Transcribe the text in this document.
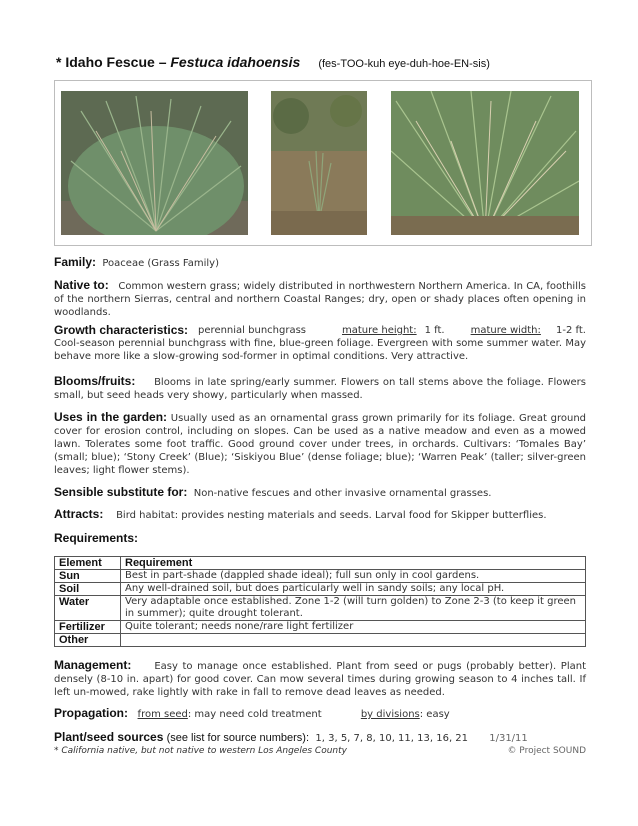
* Idaho Fescue – Festuca idahoensis (fes-TOO-kuh eye-duh-hoe-EN-sis)
Family: Poaceae (Grass Family)
Native to: Common western grass; widely distributed in northwestern Northern America. In CA, foothills of the northern Sierras, central and northern Coastal Ranges; dry, open or shady places often opening in woodlands.
Growth characteristics: perennial bunchgrass	mature height: 1 ft.	mature width: 1-2 ft.
Cool-season perennial bunchgrass with fine, blue-green foliage. Evergreen with some summer water. May behave more like a slow-growing sod-former in optimal conditions. Very attractive.
Blooms/fruits: Blooms in late spring/early summer. Flowers on tall stems above the foliage. Flowers small, but seed heads very showy, particularly when massed.
Uses in the garden: Usually used as an ornamental grass grown primarily for its foliage. Great ground cover for erosion control, including on slopes. Can be used as a native meadow and even as a mowed lawn. Tolerates some foot traffic. Good ground cover under trees, in orchards. Cultivars: ‘Tomales Bay’ (small; blue); ‘Stony Creek’ (Blue); ‘Siskiyou Blue’ (dense foliage; blue); ‘Warren Peak’ (taller; silver-green leaves; light flower stems).
Sensible substitute for: Non-native fescues and other invasive ornamental grasses.
Attracts: Bird habitat: provides nesting materials and seeds. Larval food for Skipper butterflies.
Requirements:
Element	Requirement
Sun	Best in part-shade (dappled shade ideal); full sun only in cool gardens.
Soil	Any well-drained soil, but does particularly well in sandy soils; any local pH.
Water	Very adaptable once established. Zone 1-2 (will turn golden) to Zone 2-3 (to keep it green in summer); quite drought tolerant.
Fertilizer	Quite tolerant; needs none/rare light fertilizer
Other	
Management: Easy to manage once established. Plant from seed or pugs (probably better). Plant densely (8-10 in. apart) for good cover. Can mow several times during growing season to 4 inches tall. If left un-mowed, rake lightly with rake in fall to remove dead leaves as needed.
Propagation: from seed: may need cold treatment	by divisions: easy
Plant/seed sources (see list for source numbers): 1, 3, 5, 7, 8, 10, 11, 13, 16, 21 1/31/11
* California native, but not native to western Los Angeles County	© Project SOUND
